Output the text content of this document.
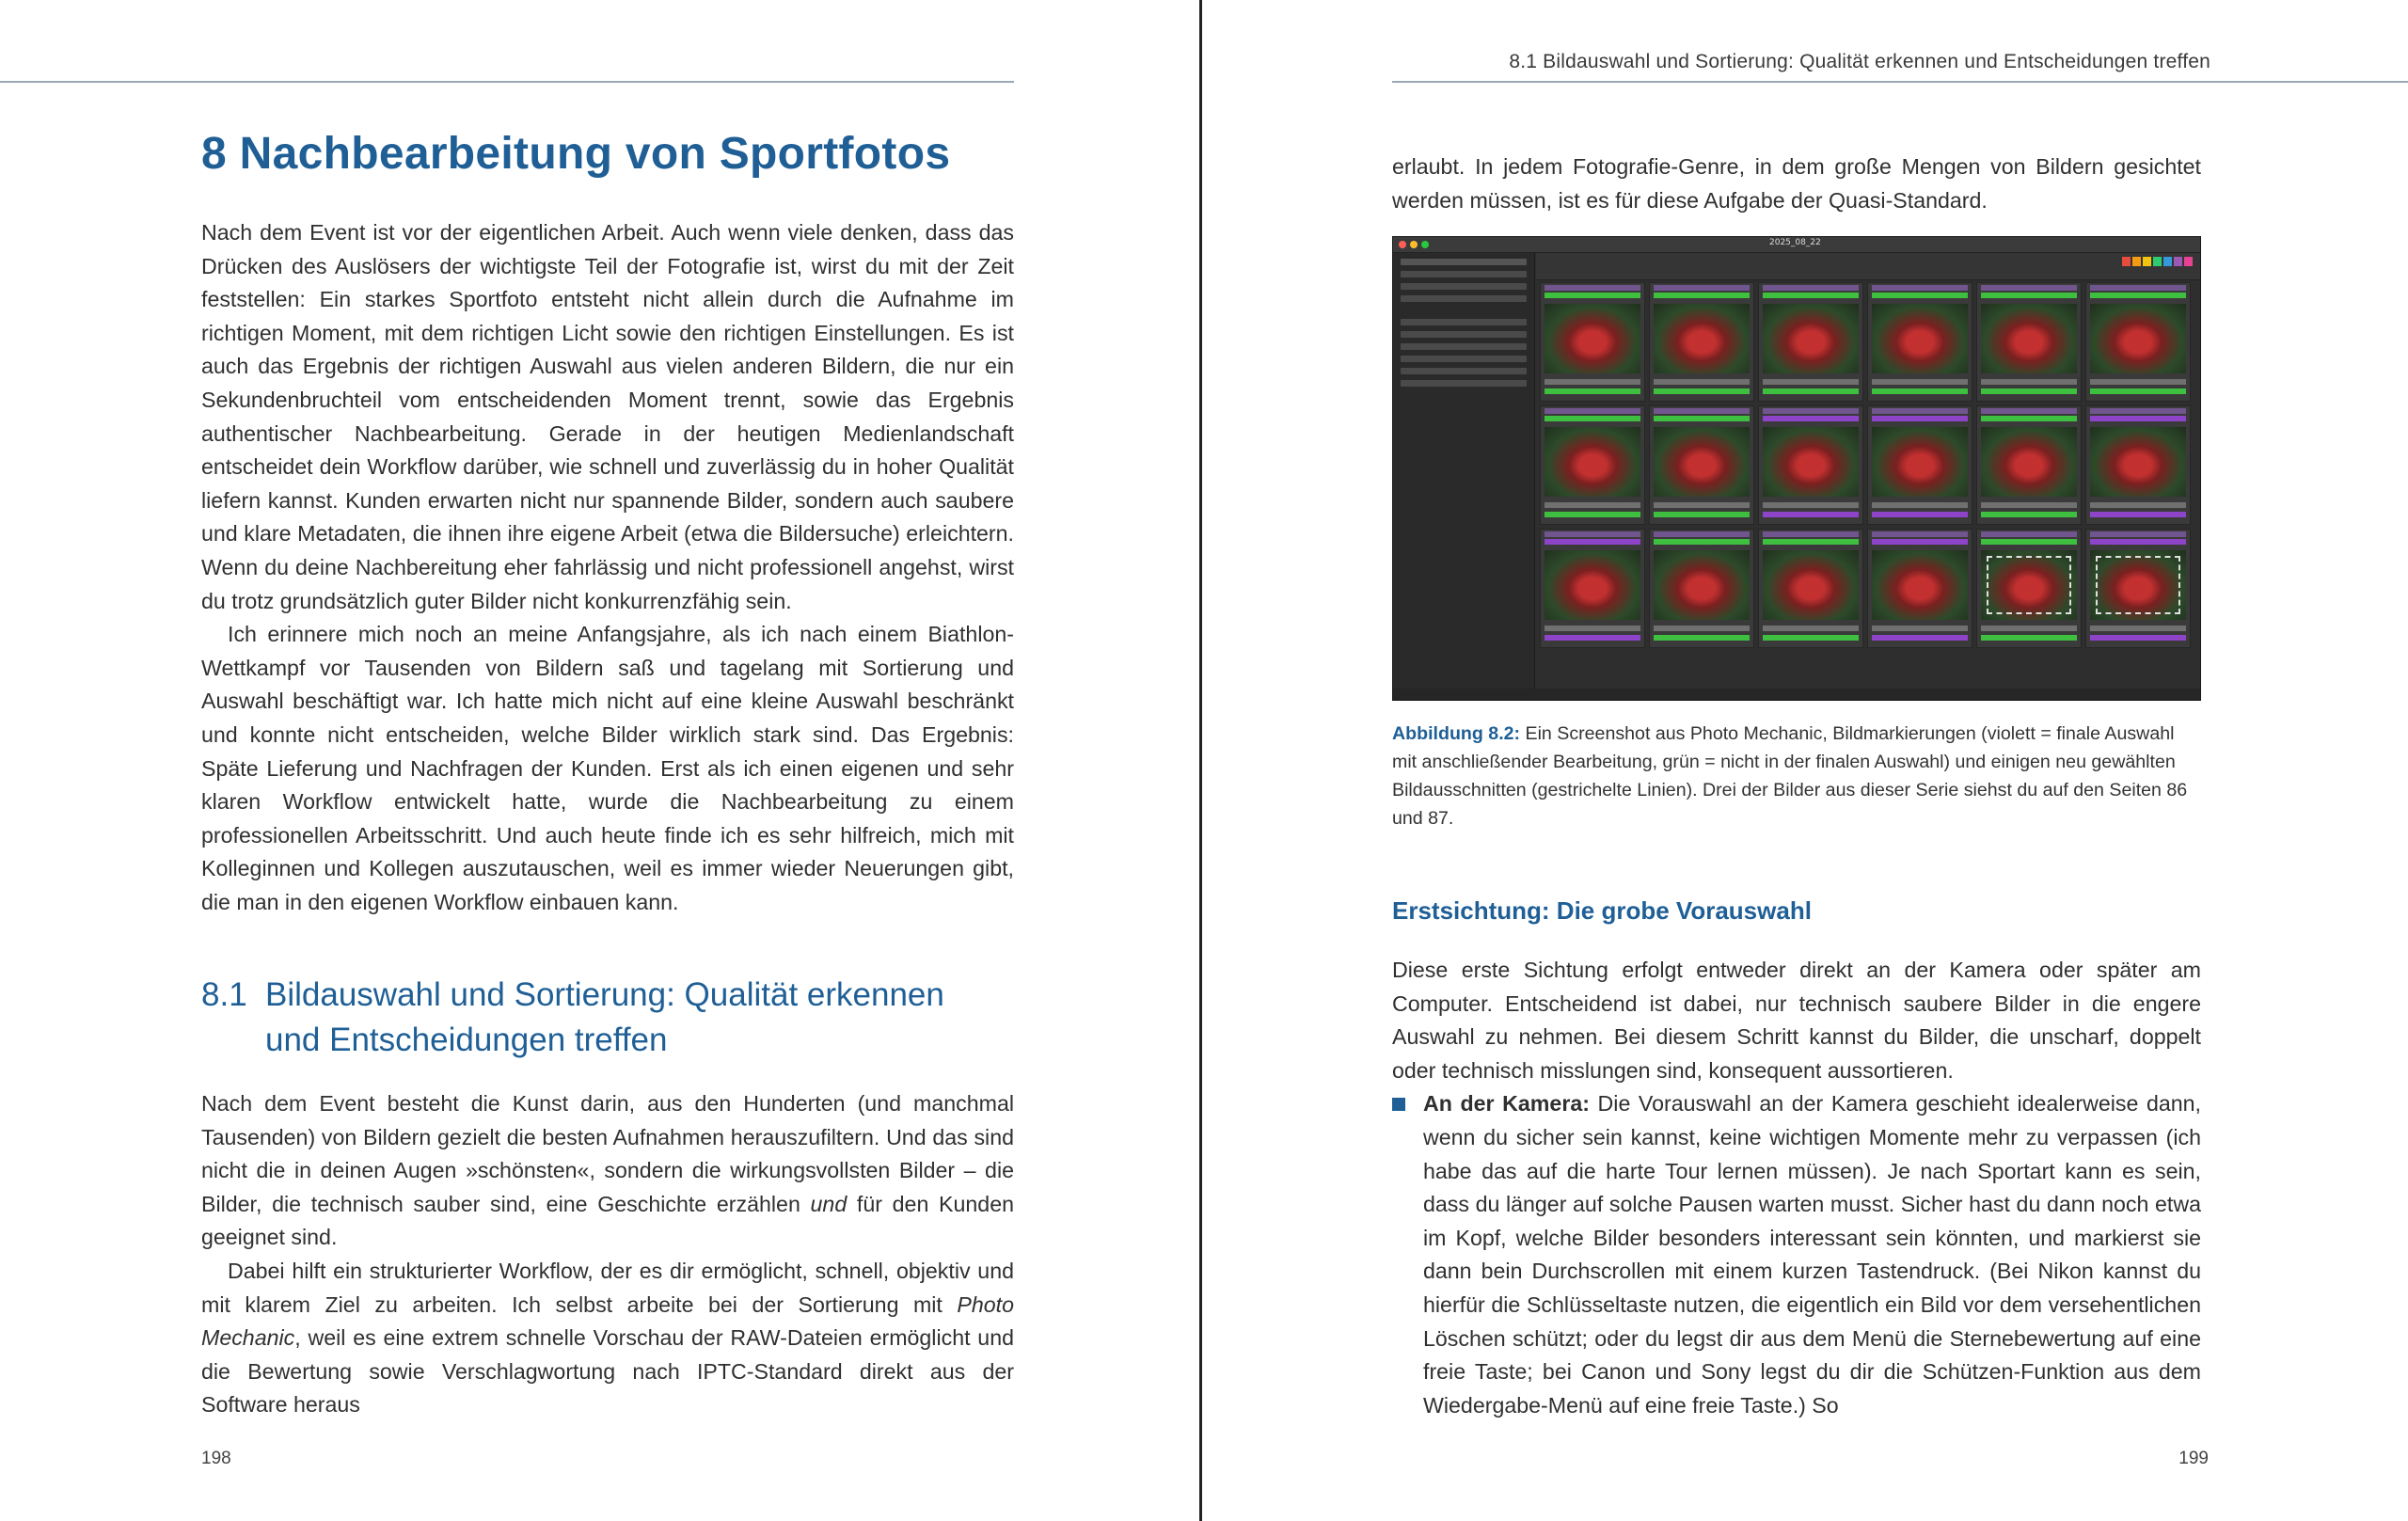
8 Nachbearbeitung von Sportfotos

Nach dem Event ist vor der eigentlichen Arbeit. Auch wenn viele denken, dass das Drücken des Auslösers der wichtigste Teil der Fotografie ist, wirst du mit der Zeit feststellen: Ein starkes Sportfoto entsteht nicht allein durch die Aufnahme im richtigen Moment, mit dem richtigen Licht sowie den richtigen Einstellungen. Es ist auch das Ergebnis der richtigen Auswahl aus vielen anderen Bildern, die nur ein Sekundenbruchteil vom entscheidenden Moment trennt, sowie das Ergebnis authentischer Nachbearbeitung. Gerade in der heutigen Medienlandschaft entscheidet dein Workflow darüber, wie schnell und zuverlässig du in hoher Qualität liefern kannst. Kunden erwarten nicht nur spannende Bilder, sondern auch saubere und klare Metadaten, die ihnen ihre eigene Arbeit (etwa die Bildersuche) erleichtern. Wenn du deine Nachbereitung eher fahrlässig und nicht professionell angehst, wirst du trotz grundsätzlich guter Bilder nicht konkurrenzfähig sein.

Ich erinnere mich noch an meine Anfangsjahre, als ich nach einem Biathlon-Wettkampf vor Tausenden von Bildern saß und tagelang mit Sortierung und Auswahl beschäftigt war. Ich hatte mich nicht auf eine kleine Auswahl beschränkt und konnte nicht entscheiden, welche Bilder wirklich stark sind. Das Ergebnis: Späte Lieferung und Nachfragen der Kunden. Erst als ich einen eigenen und sehr klaren Workflow entwickelt hatte, wurde die Nachbearbeitung zu einem professionellen Arbeitsschritt. Und auch heute finde ich es sehr hilfreich, mich mit Kolleginnen und Kollegen auszutauschen, weil es immer wieder Neuerungen gibt, die man in den eigenen Workflow einbauen kann.

8.1 Bildauswahl und Sortierung: Qualität erkennen
und Entscheidungen treffen

Nach dem Event besteht die Kunst darin, aus den Hunderten (und manchmal Tausenden) von Bildern gezielt die besten Aufnahmen herauszufiltern. Und das sind nicht die in deinen Augen »schönsten«, sondern die wirkungsvollsten Bilder – die Bilder, die technisch sauber sind, eine Geschichte erzählen und für den Kunden geeignet sind.

Dabei hilft ein strukturierter Workflow, der es dir ermöglicht, schnell, objektiv und mit klarem Ziel zu arbeiten. Ich selbst arbeite bei der Sortierung mit Photo Mechanic, weil es eine extrem schnelle Vorschau der RAW-Dateien ermöglicht und die Bewertung sowie Verschlagwortung nach IPTC-Standard direkt aus der Software heraus

198
8.1 Bildauswahl und Sortierung: Qualität erkennen und Entscheidungen treffen

erlaubt. In jedem Fotografie-Genre, in dem große Mengen von Bildern gesichtet werden müssen, ist es für diese Aufgabe der Quasi-Standard.

2025_08_22
Abbildung 8.2: Ein Screenshot aus Photo Mechanic, Bildmarkierungen (violett = finale Auswahl mit anschließender Bearbeitung, grün = nicht in der finalen Auswahl) und einigen neu gewählten Bildausschnitten (gestrichelte Linien). Drei der Bilder aus dieser Serie siehst du auf den Seiten 86 und 87.
Erstsichtung: Die grobe Vorauswahl

Diese erste Sichtung erfolgt entweder direkt an der Kamera oder später am Computer. Entscheidend ist dabei, nur technisch saubere Bilder in die engere Auswahl zu nehmen. Bei diesem Schritt kannst du Bilder, die unscharf, doppelt oder technisch misslungen sind, konsequent aussortieren.

An der Kamera: Die Vorauswahl an der Kamera geschieht idealerweise dann, wenn du sicher sein kannst, keine wichtigen Momente mehr zu verpassen (ich habe das auf die harte Tour lernen müssen). Je nach Sportart kann es sein, dass du länger auf solche Pausen warten musst. Sicher hast du dann noch etwa im Kopf, welche Bilder besonders interessant sein könnten, und markierst sie dann bein Durchscrollen mit einem kurzen Tastendruck. (Bei Nikon kannst du hierfür die Schlüsseltaste nutzen, die eigentlich ein Bild vor dem versehentlichen Löschen schützt; oder du legst dir aus dem Menü die Sternebewertung auf eine freie Taste; bei Canon und Sony legst du dir die Schützen-Funktion aus dem Wiedergabe-Menü auf eine freie Taste.) So

199
